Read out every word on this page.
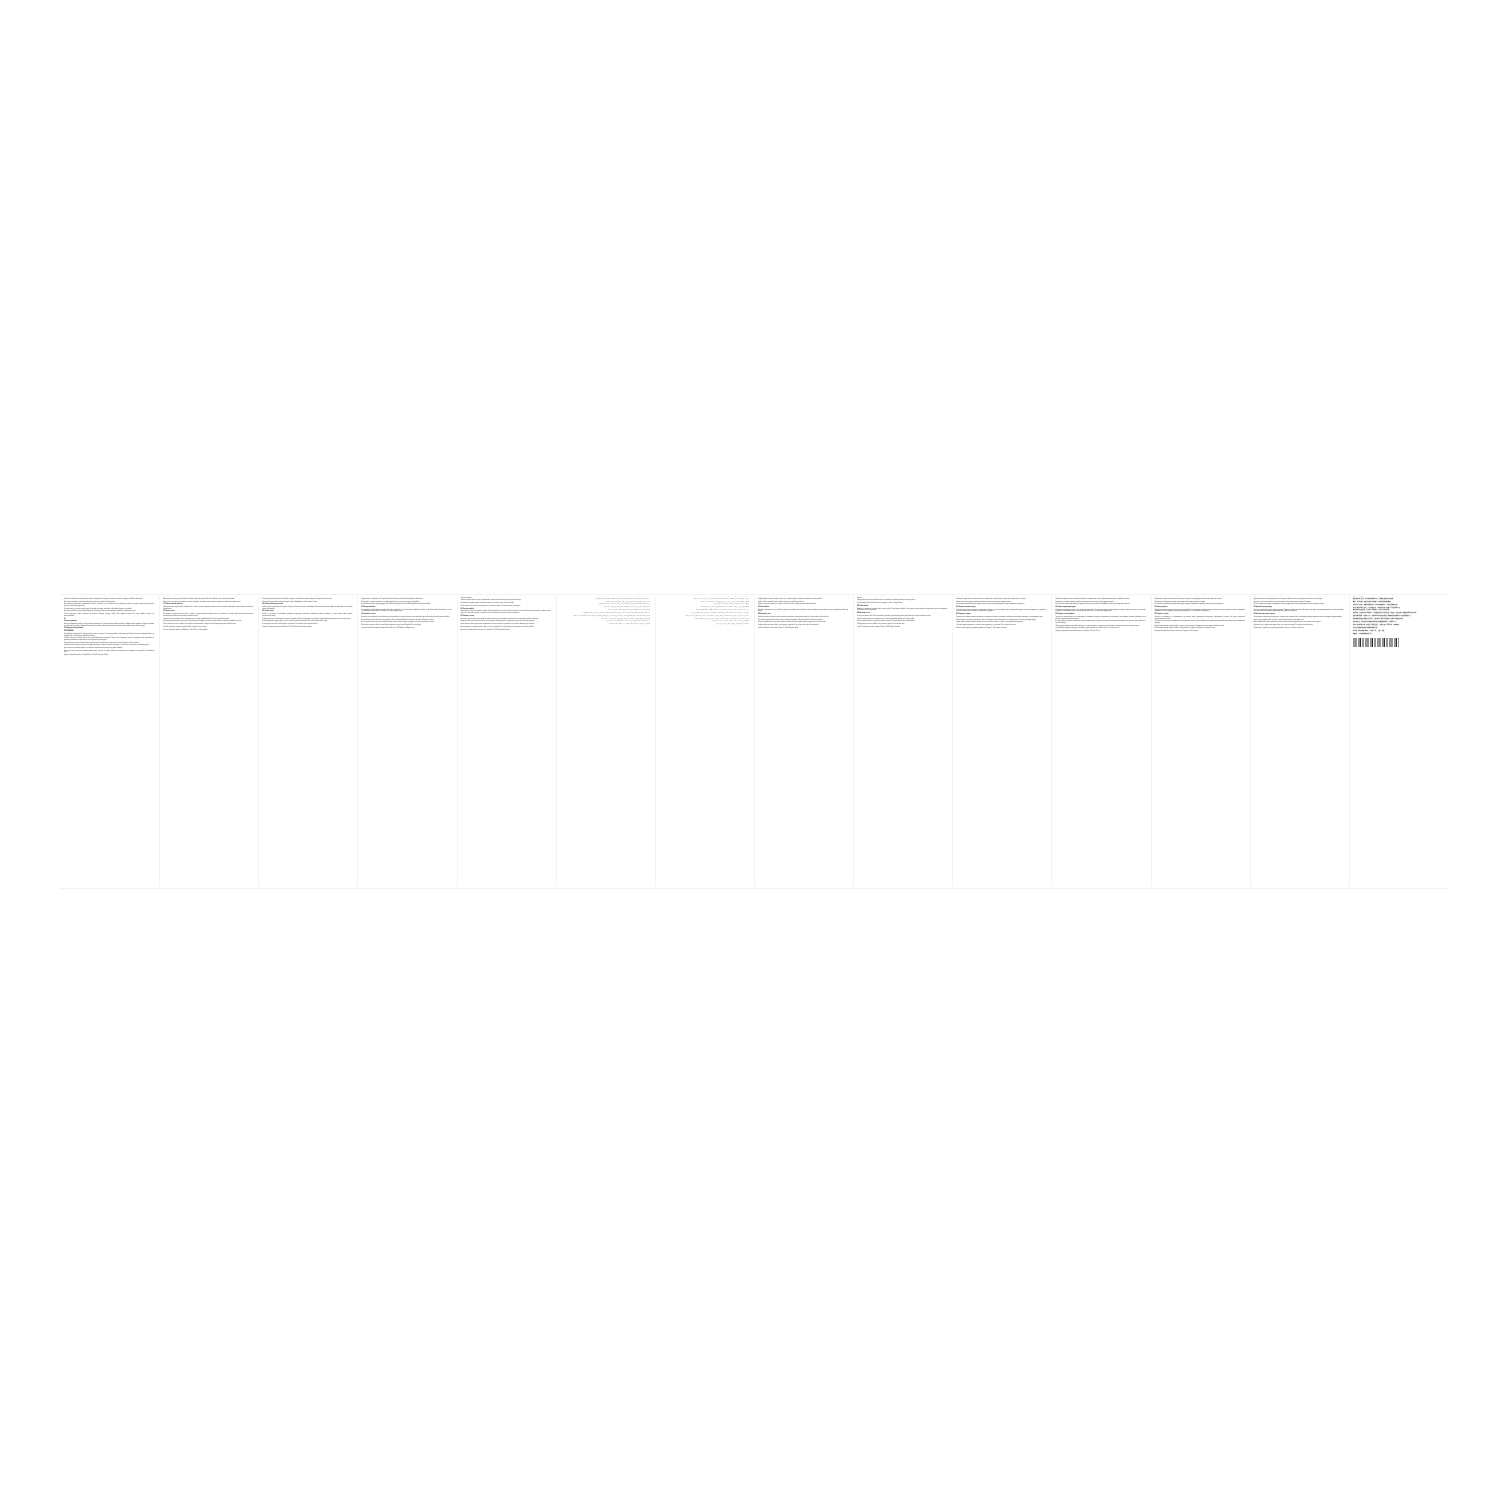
Pry opombku wyrabiaty. Pled tegoliru uzytkiem urzadzenia uwaznie zapoznaj sie z trescia niniejszej instrukcji obslugi i zachowaj ja na przyszlosc.

Ostrzezenie: Urzadzenie nalezy podlaczac wylacznie do gniazda sieciowego z uziemieniem o napieciu zgodnym z tabliczka znamionowa.

Nie zanurzaj urzadzenia, przewodu zasilajacego ani wtyczki w wodzie lub innych plynach.

Nie pozostawiaj wlaczonego urzadzenia bez nadzoru. Urzadzenie nie jest przeznaczone do obslugi przez dzieci ani osoby o ograniczonej sprawnosci fizycznej, czuciowej lub psychicznej.

Po zakonczeniu pracy zawsze wyjmij wtyczke z gniazda sieciowego i odczekaj do calkowitego ostygniecia urzadzenia.

Nie uzywaj urzadzenia, jesli przewod zasilajacy jest uszkodzony. Naprawe moze wykonywac wylacznie autoryzowany serwis.

Przed czyszczeniem odlacz urzadzenie od zasilania. Obudowe przetrzyj miekka, lekko wilgotna szmatka. Nie stosuj srodkow sciernych ani rozpuszczalnikow.

PL

Ochrona srodowiska

Material opakowaniowy nadaje sie do ponownego przetworzenia. Opakowanie nalezy oddac do punktu selektywnej zbiorki odpadow. Zuzytego urzadzenia nie nalezy wyrzucac razem z odpadami domowymi, lecz przekazac do odpowiedniego punktu zbiorki sprzetu elektrycznego i elektronicznego.

PL Gwarancja i obsluga klienta

UPOZORNENIE

Nieprawidlowa eksploatacja lub nieprzestrzeganie zalecen zawartych w instrukcji powoduje utrate gwarancji. Producent nie ponosi odpowiedzialnosci za szkody wynikle z niewlasciwego uzytkowania wyrobu.

Wszelkie czynnosci serwisowe nalezy zlecac wykwalifikowanemu personelowi. Uzycie czesci zamiennych innych niz oryginalne moze doprowadzic do powaznego uszkodzenia urzadzenia oraz utraty uprawnien gwarancyjnych.

Przed pierwszym uzyciem dokladnie umyj wszystkie elementy majace kontakt z zywnoscia. Nie zanurzaj korpusu silnika w wodzie.

Urzadzenie przeznaczone jest wylacznie do uzytku domowego, w pomieszczeniach zamknietych, i nie moze byc stosowane do celow komercyjnych.

Dane techniczne urzadzenia podane sa na tabliczce znamionowej umieszczonej na spodzie obudowy.

Nie przenos ani nie przesuwaj urzadzenia podczas pracy. Ustaw je na stabilnej, plaskiej i suchej powierzchni, w odleglosci co najmniej 20 cm od krawedzi stolu.

Importer: Dystrybutor sprzetu, ul. Przykladowa 12, 00-001 Warszawa, Polska

vyrobku, je treba jeho prvni pouziti pohovorem navodu vyrobce. Po ukonceni pouzivani pristroj vzdy odpojte od elektricke site vytazenim vidlice ze zasuvky.

Nikdy neponorujte pristroj, privodni kabel ani vidlici do vody nebo jinych kapalin. Hrozi nebezpeci urazu elektrickym proudem.

Pristroj neni urcen k pouzivani osobami se snizenymi fyzickymi, smyslovymi nebo mentalnimi schopnostmi, pokud nejsou pod dozorem.

CZ Ochrana zivotniho prostredi

Obalovy material je recyklovatelny. Likvidujte obal v souladu s mistnimi predpisy. Vyrobek po skonceni zivotnosti odevzdejte do sberneho dvora urceneho pro elektrozarizeni.

CZ Zaruka a servis

Na vyrobek je poskytovana zarucni lhuta v souladu s platnymi pravnimi predpisy. Zaruka se nevztahuje na zavady vznikle nespravnym pouzivanim, mechanickym poskozenim nebo zasahem neodborne osoby.

Opravy pristroje smi provadet pouze autorizovany servis. Pouziti neoriginalnich dilu muze vest k poskozeni pristroje.

Pred prvnim pouzitim umyjte vsechny casti, ktere prichazeji do kontaktu s potravinami, teplou vodou se saponatem a dukladne je osuste.

Pristroj umistete na rovnou, stabilni a suchou plochu mimo dosah deti a horkych povrchu. Nepouzivejte pristroj v blizkosti vody.

Technicke parametry naleznete na typovem stitku na spodni strane pristroje.

Dovozce: Distributor spotrebicu, Prikladova 8, 100 00 Praha, Ceska republika

pomocou navodu na pouzitie. Pristroj nie je urceny na vonkajsie pouzitie ani na priemyselne ucely.

Pred zapojenim pristroja do siete skontrolujte, ci napatie v sieti odpoveda napatiu uvedenemu na typovom stitku pristroja.

Pristroj nikdy neponarajte do vody ani do inych kvapalin. Nedotykajte sa vidlice mokrymi rukami.

SK Ochrana zivotneho prostredia

Obalove materialy odovzdajte na recyklaciu. Vyrobok po skonceni zivotnosti neodhadzujte do bezneho komunalneho odpadu, ale odovzdajte ho na zbernom miesto elektroodpadu.

SK Zaruka a servis

Zaruka sa nevztahuje na poskodenia sposobene nespravnym pouzivanim, nedodrzanim pokynov uvedenych v tomto navode alebo zasahom neautorizovanej osoby.

Vsetky opravy zverte autorizovanemu servisnemu stredisku. Pouzitie neoriginalnych sucastok moze sposobit poskodenie pristroja a stratu zarucnych prav.

Pred prvym pouzitim umyjte vsetky casti, ktore pridu do kontaktu s potravinami. Telo motora neponarajte do vody.

Pristroj postavte na rovnu a stabilnu plochu, minimalne 20 cm od okraja stola, mimo dosahu deti.

Dovozca: Distributor spotrebicov, Prikladova 5, 811 01 Bratislava, Slovenska republika

A keszulek elso hasznalata elott figyelmesen olvassa el a hasznalati utasitast es orizze meg a kesobbi hasznalat soran.

Figyelmeztetes: a keszuleket csak a tipustablan jelzett feszultsegu, foldelt halozati aljzathoz csatlakoztassa.

A keszuleket, a halozati vezeteket es a csatlakozodugot soha ne merirse vizbe vagy mas folyadekba.

A mukodo keszuleket ne hagyja felugyelet nelkul. A keszuleket gyermekek csak felnott felugyelete mellett hasznalhatjak.

HU Kornyezetvedelem

A csomagolas ujrahasznosithato anyagbol kesult. A csomagolast a helyi eloirasoknak megfeleloen helyezze el. Az elhasznalodott keszuleket ne a hazi szemetbe dobja, hanem adja le az elektromos hulladekot gyujto helyen.

HU Garancia es szerviz

A garancia nem vonatkozik a nem rendeltetesszeru hasznalatbol, a hasznalati utasitas be nem tartasabol vagy szakszerutlen javitasbol szarmazo hibakra.

A keszulek javitasat kizarolag szakszerviz vegezheti. Nem eredeti potalkatreszek hasznalata a keszulek serulesehez vezethet.

Az elso hasznalat elott mossa el az etelekkel erintkezo osszes alkatreszt meleg, mosogatoszeres vizben, majd torolje szarazra.

A keszuleket vizszintes, stabil es szaraz feluletre helyezze, az asztal szelelol legalabb 20 cm tavolsagra.

Importalo: Haztartasi keszulekek forgalmazoja, Pelda utca 3, 1011 Budapest, Magyarorszag

a aparatului va preveni accidentarea si prelungirea duratei de viata a produsului. Cititi cu atentie instructiunile inainte de prima utilizare si pastrati-le pentru consultari ulterioare.

Conectati aparatul numai la o priza cu impamantare, avand tensiunea indicata pe placuta cu date tehnice.

Nu introduceti niciodata aparatul, cablul de alimentare sau stecherul in apa sau in alte lichide.

Nu lasati aparatul in functiune nesupravegheat si nu permiteti copiilor sa il foloseasca fara supraveghere.

RO Protectia mediului

Ambalajul este realizat din materiale reciclabile. Predati ambalajul la un centru de colectare selectiva. La sfarsitul duratei de viata, aparatul nu trebuie aruncat impreuna cu deseurile menajere, ci predat unui centru de colectare a deseurilor electrice si electronice.

RO Garantie si service

Garantia nu acopera defectiunile rezultate din utilizarea incorecta, nerespectarea instructiunilor sau intervenția persoanelor neautorizate.

Reparatiile trebuie efectuate exclusiv de un service autorizat. Utilizarea pieselor neoriginale poate duce la deteriorarea aparatului.

Inainte de prima utilizare spalati toate componentele care intra in contact cu alimentele cu apa calda si detergent, apoi stergeti-le.

Asezati aparatul pe o suprafata plana, stabila si uscata, la minimum 20 cm de marginea mesei si departe de sursele de caldura.

Importator: Distribuitor de electrocasnice, Str. Exemplu 7, 010101 Bucuresti, Romania

تعليمات الاستخدام والسلامة

يرجى قراءة دليل الاستخدام بعناية قبل تشغيل الجهاز للمرة الأولى والاحتفاظ به للرجوع إليه في المستقبل.

تحذير: قم بتوصيل الجهاز فقط بمأخذ تيار مؤرض يطابق الجهد المبين على لوحة البيانات.

لا تغمر الجهاز أو كابل الطاقة أو القابس في الماء أو في أي سائل آخر لتجنب خطر الصعق الكهربائي.

لا تترك الجهاز يعمل دون مراقبة. لا يجوز للأطفال استخدام الجهاز دون إشراف شخص بالغ.

افصل الجهاز عن مصدر الطاقة بعد كل استخدام وقبل التنظيف، واتركه يبرد تماماً.

حماية البيئة: مواد التعبئة قابلة لإعادة التدوير. لا تتخلص من الجهاز مع النفايات المنزلية بل سلمه إلى مركز تجميع الأجهزة الكهربائية.

الضمان والخدمة: لا يشمل الضمان الأعطال الناتجة عن الاستخدام غير الصحيح أو عدم الالتزام بالتعليمات أو إصلاح الجهاز بواسطة أشخاص غير مؤهلين.

قبل الاستخدام الأول اغسل جميع الأجزاء التي تلامس الطعام بماء دافئ ومنظف ثم جففها جيداً.

ضع الجهاز على سطح مستوٍ وثابت وجاف بعيداً عن حافة الطاولة وعن مصادر الحرارة.

المستورد: موزع الأجهزة المنزلية، شارع المثال ٤، دبي، الإمارات العربية المتحدة

دستورالعمل استفاده و نکات ایمنی

پیش از نخستین استفاده از دستگاه، این راهنما را با دقت مطالعه کنید و آن را برای مراجعات بعدی نگه دارید.

هشدار: دستگاه را تنها به پریز دارای اتصال زمین با ولتاژ مطابق برچسب مشخصات وصل کنید.

دستگاه، سیم برق یا دوشاخه را هرگز در آب یا مایعات دیگر فرو نبرید.

دستگاه روشن را بدون نظارت رها نکنید و اجازه ندهید کودکان بدون نظارت از آن استفاده کنند.

پس از هر بار استفاده و پیش از تمیز کردن، دوشاخه را از پریز بکشید و بگذارید دستگاه کاملاً خنک شود.

حفاظت از محیط زیست: مواد بسته‌بندی قابل بازیافت هستند. دستگاه فرسوده را همراه با زباله خانگی دور نریزید.

ضمانت و خدمات پس از فروش: ضمانت شامل خرابی‌های ناشی از استفاده نادرست یا تعمیر توسط افراد غیرمجاز نمی‌شود.

پیش از نخستین استفاده همه قطعاتی را که با مواد غذایی تماس دارند با آب گرم و مایع ظرفشویی بشویید.

دستگاه را روی سطحی صاف، محکم و خشک و دور از لبه میز قرار دهید.

واردکننده: توزیع‌کننده لوازم خانگی، خیابان نمونه ۹، تهران، ایران

pre prve upotrebe pazljivo procitajte uputstvo za upotrebu i sacuvajte ga za buducu upotrebu.

Uredjaj prikljucite samo na uzemljenu mrezu cija se voltaza poklapa sa podacima navedenim na nazivnoj tablici.

Uredjaj, kabl za napajanje ili utikac nikada ne potapajte u vodu ili druge tekucine.

Ukljucen uredjaj ne ostavljajte bez nadzora. Deca smeju koristiti uredjaj samo pod nadzorom odraslih.

SR Zastita okoline

Materijal za pakovanje moze se reciklirati. Uredjaj na kraju radnog veka ne odlazite sa kucnim otpadom, vec ga predajte na mesto za prikupljanje elektricnog otpada.

SR Garancija i servis

Garancija ne pokriva ostecenja nastala nepravilnom upotrebom, nepostovanjem uputstva ili intervencijom neovlascenih lica.

Sve popravke prepustite ovlascenom servisu. Upotreba neoriginalnih delova moze dovesti do ostecenja uredjaja.

Pre prve upotrebe operite sve delove koji dolaze u kontakt sa hranom toplom vodom i detergentom, a zatim ih osusite.

Uredjaj postavite na ravnu, stabilnu i suvu povrsinu, najmanje 20 cm od ivice stola i dalje od izvora toplote.

Uvoznik: Distributer kucnih aparata, Primer 11, 11000 Beograd, Srbija

prije prve upotrebe pazljivo procitajte upute za uporabu i zadrzite ih za kasnije potrebe. Uredjaj je namijenjen isključivo za kucnu uporabu u zatvorenom prostoru.

Uredjaj prikljucite samo na uzemljenu uticnicu s naponom koji odgovara podacima na nazivnoj plocici.

Uredjaj, prikljucni kabel ili utikac nikada ne uranjajte u vodu ni u druge tekucine.

HR Zastita okolisa

Ambalaza je izradena od materijala koji se moze reciklirati. Stari uredjaj ne odlazite u kucni otpad, nego ga predajte na odgovarajuce mjesto za prikupljanje elektricnog i elektronskog otpada.

HR Garancija i servis

Garancija ne pokriva stete nastale nepravilnom uporabom, nepostivanjem uputa ili popravkom koji je izvrsila neovlastena osoba.

Popravke smije obavljati samo ovlasteni servis. Uporaba neoriginalnih dijelova moze ostetiti uredjaj.

Prije prve uporabe operite sve dijelove koji dolaze u kontakt s hranom toplom vodom i deterdzentom.

Uredjaj postavite na ravnu, stabilnu i suhu povrsinu, najmanje 20 cm od ruba stola.

Uvoznik: Distributer kucanskih uredjaja, Primjer 6, 10000 Zagreb, Hrvatska

Преди първата употреба прочетете внимателно настоящото ръководство и го запазете за бъдещи справки.

Включвайте уреда само към заземен контакт с напрежение, съответстващо на указаното върху табелката с данни.

Никога не потапяйте уреда, захранващия кабел или щепсела във вода или други течности.

Не оставяйте включения уред без надзор. Децата могат да използват уреда само под наблюдение на възрастен.

BG Защита на околната среда

Опаковъчният материал подлежи на рециклиране. В края на експлоатационния срок не изхвърляйте уреда с битовите отпадъци, а го предайте в пункт за събиране на електрическо и електронно оборудване.

BG Гаранция и сервиз

Гаранцията не покрива повреди, причинени от неправилна употреба, неспазване на указанията или ремонт, извършен от неоторизирано лице.

Всички ремонти трябва да се извършват само от оторизиран сервиз. Използването на неоригинални части може да повреди уреда.

Преди първата употреба измийте всички части, които влизат в контакт с храна, с топла вода и миещ препарат.

Поставете уреда върху равна, стабилна и суха повърхност, на най-малко 20 см от ръба на масата.

Вносител: Дистрибутор на домакински уреди, ул. Пример 2, 1000 София, България

Перед первым использованием прибора внимательно прочитайте настоящее руководство и сохраните его для дальнейшего использования.

Подключайте прибор только к заземленной розетке с напряжением, соответствующим указанному на заводской табличке.

Запрещается погружать прибор, сетевой шнур или штепсельную вилку в воду и другие жидкости.

Не оставляйте включенный прибор без присмотра. Дети могут пользоваться прибором только под наблюдением взрослых.

RU Защита окружающей среды

Упаковочные материалы пригодны для вторичной переработки. По окончании срока службы прибор не следует выбрасывать вместе с бытовыми отходами, его необходимо сдать в пункт сбора электрического и электронного оборудования.

RU Гарантия и обслуживание

Гарантия не распространяется на повреждения, возникшие вследствие неправильной эксплуатации, несоблюдения указаний руководства или ремонта неуполномоченными лицами.

Все виды ремонта должны выполняться только авторизованным сервисным центром. Использование неоригинальных деталей может привести к поломке прибора.

Перед первым применением вымойте все детали, соприкасающиеся с продуктами, теплой водой с моющим средством и насухо вытрите.

Устанавливайте прибор на ровную, устойчивую и сухую поверхность, не менее чем в 20 см от края стола.

Импортер: Дистрибьютор бытовой техники, ул. Пример 1, Москва, Россия

Перед першим використанням приладу уважно прочитайте цю інструкцію та збережіть її для подальшого використання.

Підключайте прилад лише до заземленої розетки з напругою, що відповідає зазначеній на заводській табличці.

Забороняється занурювати прилад, шнур живлення або вилку у воду чи інші рідини.

Не залишайте увімкнений прилад без догляду. Діти можуть користуватися приладом лише під наглядом дорослих.

UK Захист довкілля

Пакувальні матеріали придатні для вторинної переробки. Після завершення терміну експлуатації прилад не можна утилізувати разом із побутовими відходами, його слід передати до пункту збору електричного та електронного обладнання.

UK Гарантія та сервіс

Гарантія не поширюється на пошкодження, що виникли через неправильну експлуатацію, недотримання інструкції або ремонт, виконаний неуповноваженою особою.

Усі ремонтні роботи мають виконувати лише авторизовані сервісні центри. Використання неоригінальних деталей може призвести до пошкодження приладу.

Перед першим використанням вимийте всі деталі, що контактують із продуктами, теплою водою з мийним засобом.

Встановлюйте прилад на рівній, стійкій та сухій поверхні, на відстані не менше 20 см від краю столу.

Імпортер: Дистриб'ютор побутової техніки, вул. Приклад 1, Київ, Україна

Құрылғыны алғаш пайдаланбас бұрын осы нұсқаулықты мұқият оқып шығыңыз және оны кейінірек пайдалану үшін сақтап қойыңыз.

Құрылғыны зауыттық тақтайшада көрсетілген кернеуге сәйкес келетін жерге тұйықталған розеткаға ғана қосыңыз.

Құрылғыны, қуат сымын немесе ашаны суға немесе басқа сұйықтықтарға батыруға болмайды.

Қосылған құрылғыны қараусыз қалдырмаңыз. Балалар құрылғыны ересектердің қарауымен ғана пайдалана алады.

KK Қоршаған ортаны қорғау

Қаптама материалдары қайта өңдеуге жарамды. Пайдалану мерзімі өткеннен кейін құрылғыны тұрмыстық қалдықтармен бірге тастауға болмайды, оны электр және электрондық жабдықтарды жинау орнына өткізу керек.

KK Кепілдік және қызмет көрсету

Кепілдік дұрыс пайдаланбау, нұсқаулықты сақтамау немесе уәкілетті емес тұлғалардың жөндеуі салдарынан болған зақымдарға қолданылмайды.

Барлық жөндеу жұмыстарын тек уәкілетті қызмет көрсету орталығы орындауы тиіс.

Алғаш пайдаланбас бұрын тамақпен жанасатын барлық бөлшектерді жылы сумен және жуғыш затпен жуыңыз.

Құрылғыны тегіс, тұрақты және құрғақ бетке, үстел шетінен кемінде 20 см қашықтықта орнатыңыз.

Импорттаушы: Тұрмыстық техника дистрибьюторы, Мысал к. 1, Алматы, Қазақстан

使用说明与安全须知

首次使用本产品前，请仔细阅读本说明书，并妥善保管以供日后参考。

警告：仅可将本产品连接至电压与铭牌标示相符的接地电源插座。

切勿将产品主体、电源线或插头浸入水中或其他液体中，以免发生触电危险。

请勿让通电中的产品处于无人看管状态。儿童必须在成人监督下方可使用本产品。

每次使用后及清洁前，请先拔下电源插头，并待产品完全冷却。

环境保护：包装材料可回收利用。产品报废后请勿与生活垃圾一同丢弃，应交由电子电器废弃物回收点处理。

保修与售后服务：因使用不当、未遵守说明书或由非授权人员维修而造成的损坏不在保修范围之内。

所有维修均须由授权服务中心进行，使用非原厂配件可能造成产品损坏并使保修失效。

首次使用前，请用温水和洗涤剂清洗所有与食物接触的部件，并擦拭干净。

请将产品放置在平整、稳固且干燥的台面上，距桌边至少 20 厘米，远离热源。

产品技术参数请参阅机身底部的铭牌标签。

进口商：家用电器代理商，示例路 1 号，上海，中国

制造商：示例电器制造有限公司
